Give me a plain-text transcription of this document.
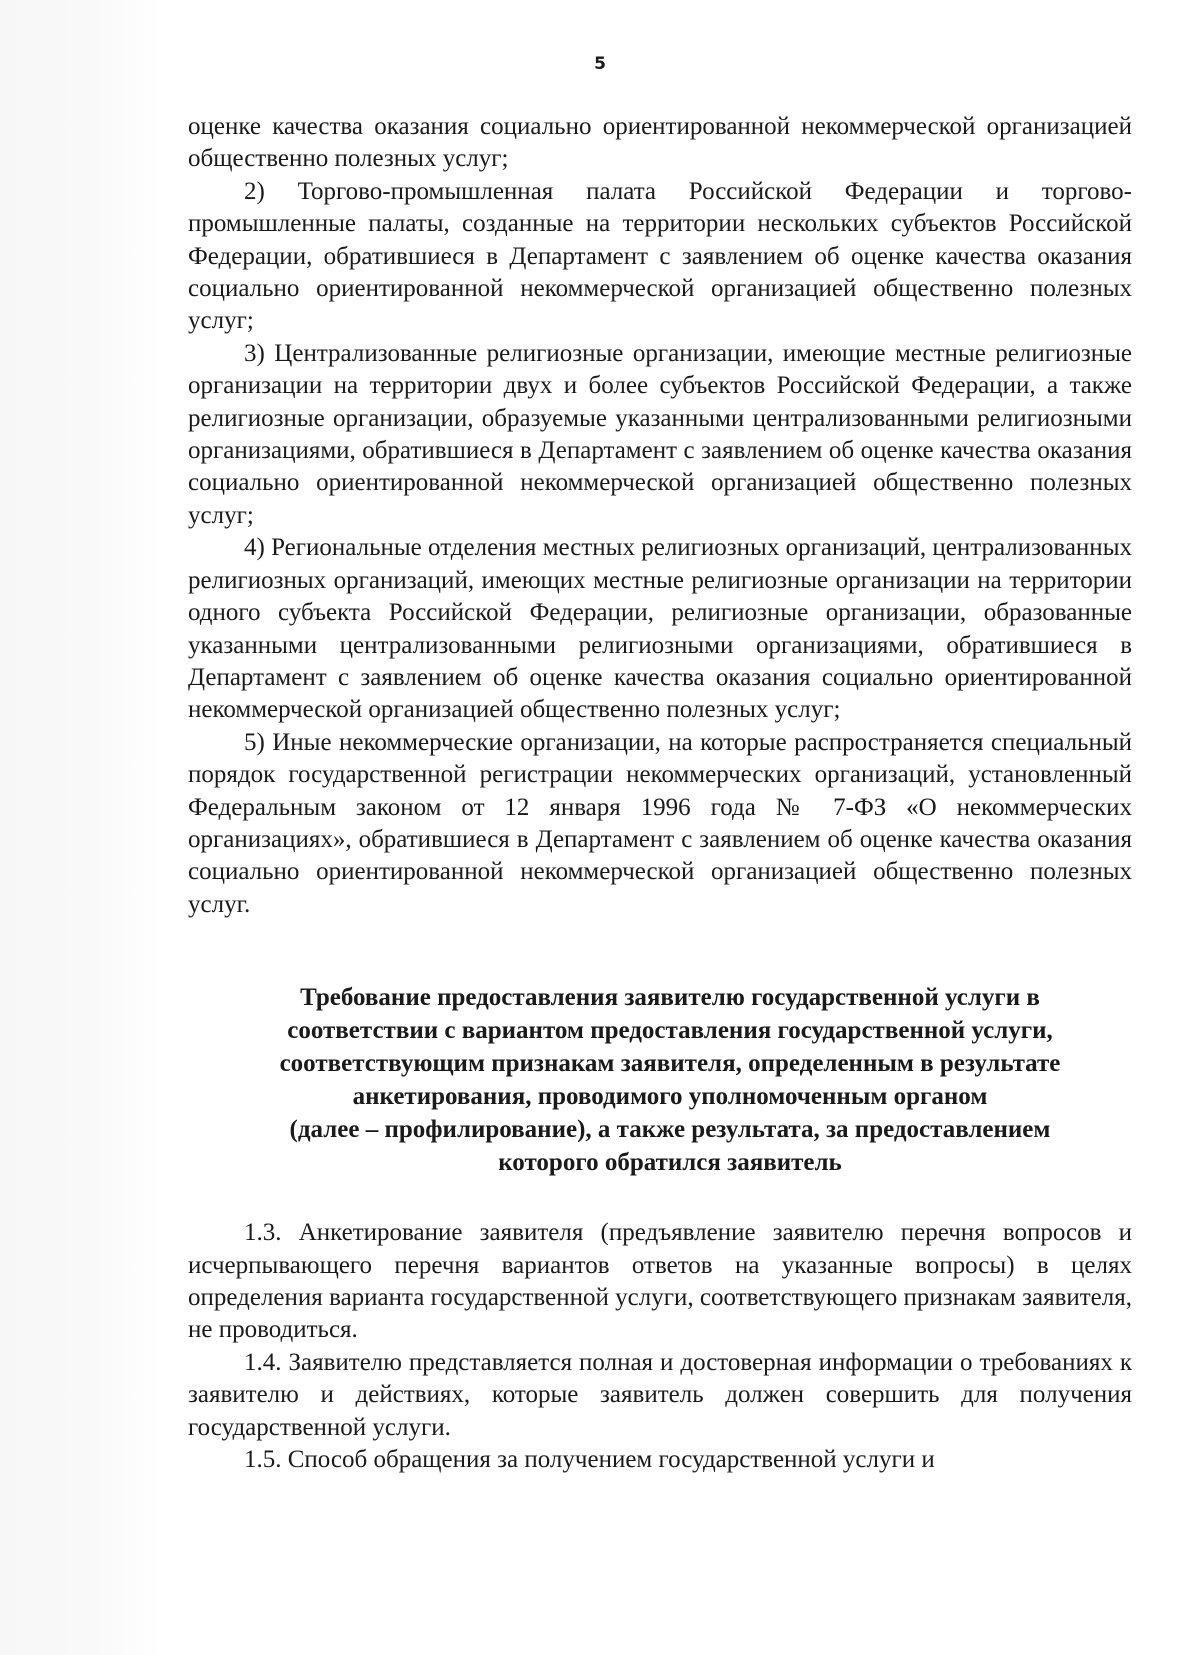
5

оценке качества оказания социально ориентированной некоммерческой организацией общественно полезных услуг;

2) Торгово-промышленная палата Российской Федерации и торгово-промышленные палаты, созданные на территории нескольких субъектов Российской Федерации, обратившиеся в Департамент с заявлением об оценке качества оказания социально ориентированной некоммерческой организацией общественно полезных услуг;

3) Централизованные религиозные организации, имеющие местные религиозные организации на территории двух и более субъектов Российской Федерации, а также религиозные организации, образуемые указанными централизованными религиозными организациями, обратившиеся в Департамент с заявлением об оценке качества оказания социально ориентированной некоммерческой организацией общественно полезных услуг;

4) Региональные отделения местных религиозных организаций, централизованных религиозных организаций, имеющих местные религиозные организации на территории одного субъекта Российской Федерации, религиозные организации, образованные указанными централизованными религиозными организациями, обратившиеся в Департамент с заявлением об оценке качества оказания социально ориентированной некоммерческой организацией общественно полезных услуг;

5) Иные некоммерческие организации, на которые распространяется специальный порядок государственной регистрации некоммерческих организаций, установленный Федеральным законом от 12 января 1996 года № 7-ФЗ «О некоммерческих организациях», обратившиеся в Департамент с заявлением об оценке качества оказания социально ориентированной некоммерческой организацией общественно полезных услуг.

Требование предоставления заявителю государственной услуги в
соответствии с вариантом предоставления государственной услуги,
соответствующим признакам заявителя, определенным в результате
анкетирования, проводимого уполномоченным органом
(далее – профилирование), а также результата, за предоставлением
которого обратился заявитель

1.3. Анкетирование заявителя (предъявление заявителю перечня вопросов и исчерпывающего перечня вариантов ответов на указанные вопросы) в целях определения варианта государственной услуги, соответствующего признакам заявителя, не проводиться.

1.4. Заявителю представляется полная и достоверная информации о требованиях к заявителю и действиях, которые заявитель должен совершить для получения государственной услуги.

1.5. Способ обращения за получением государственной услуги и
